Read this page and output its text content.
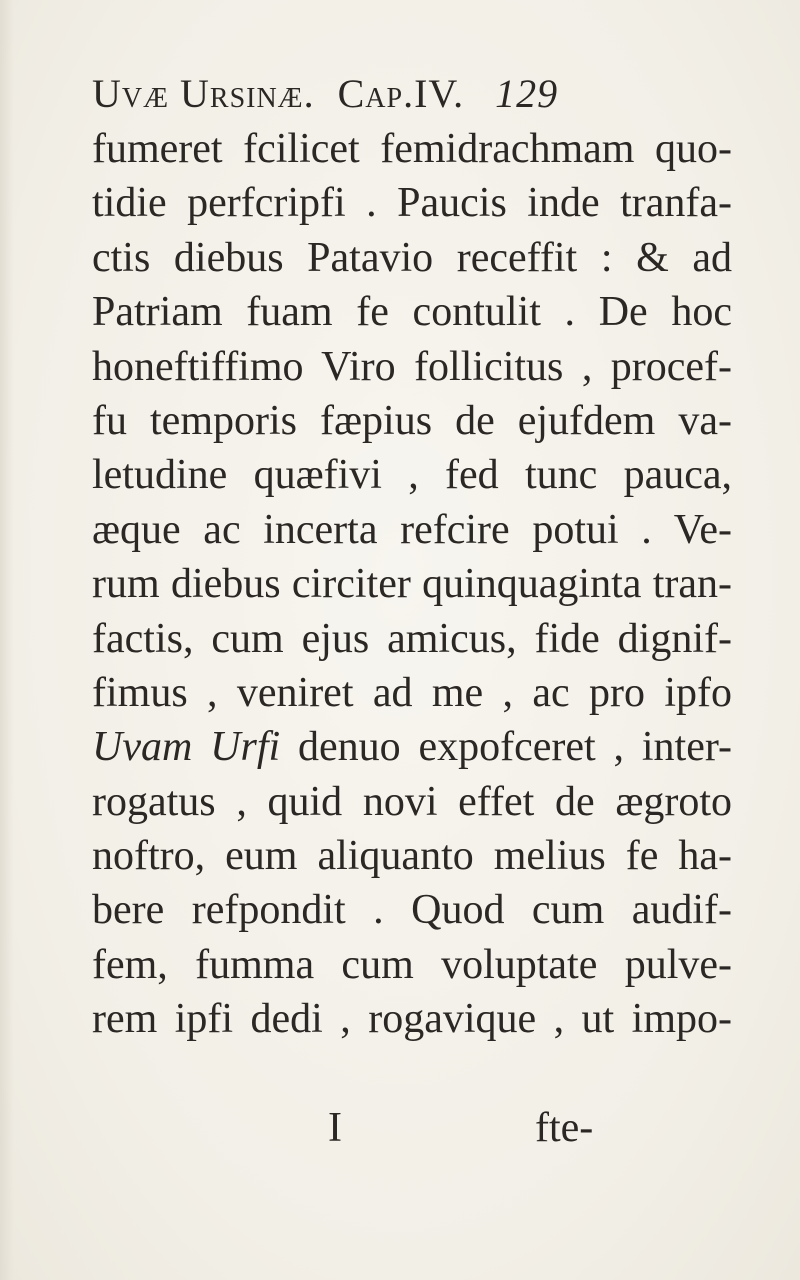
Uvæ Ursinæ. Cap.IV. 129
fumeret fcilicet femidrachmam quo-
tidie perfcripfi . Paucis inde tranfa-
ctis diebus Patavio receffit : & ad
Patriam fuam fe contulit . De hoc
honeftiffimo Viro follicitus , procef-
fu temporis fæpius de ejufdem va-
letudine quæfivi , fed tunc pauca,
æque ac incerta refcire potui . Ve-
rum diebus circiter quinquaginta tran-
factis, cum ejus amicus, fide dignif-
fimus , veniret ad me , ac pro ipfo
Uvam Urfi denuo expofceret , inter-
rogatus , quid novi effet de ægroto
noftro, eum aliquanto melius fe ha-
bere refpondit . Quod cum audif-
fem, fumma cum voluptate pulve-
rem ipfi dedi , rogavique , ut impo-
I	fte-
